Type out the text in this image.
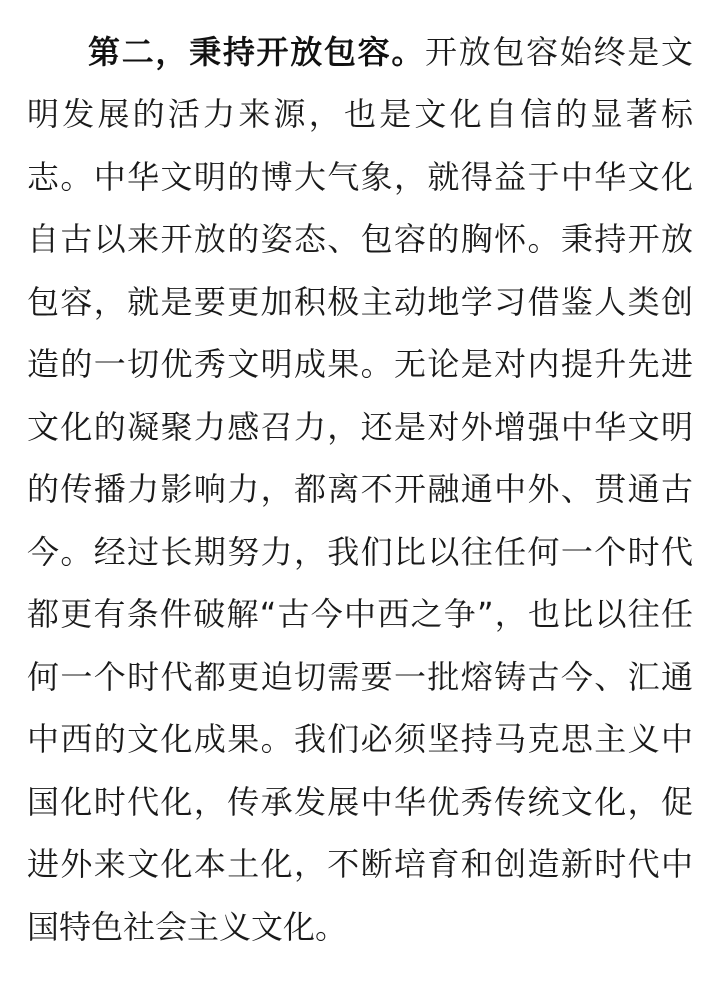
第二，秉持开放包容。开放包容始终是文
明发展的活力来源，也是文化自信的显著标
志。中华文明的博大气象，就得益于中华文化
自古以来开放的姿态、包容的胸怀。秉持开放
包容，就是要更加积极主动地学习借鉴人类创
造的一切优秀文明成果。无论是对内提升先进
文化的凝聚力感召力，还是对外增强中华文明
的传播力影响力，都离不开融通中外、贯通古
今。经过长期努力，我们比以往任何一个时代
都更有条件破解“古今中西之争”，也比以往任
何一个时代都更迫切需要一批熔铸古今、汇通
中西的文化成果。我们必须坚持马克思主义中
国化时代化，传承发展中华优秀传统文化，促
进外来文化本土化，不断培育和创造新时代中
国特色社会主义文化。
